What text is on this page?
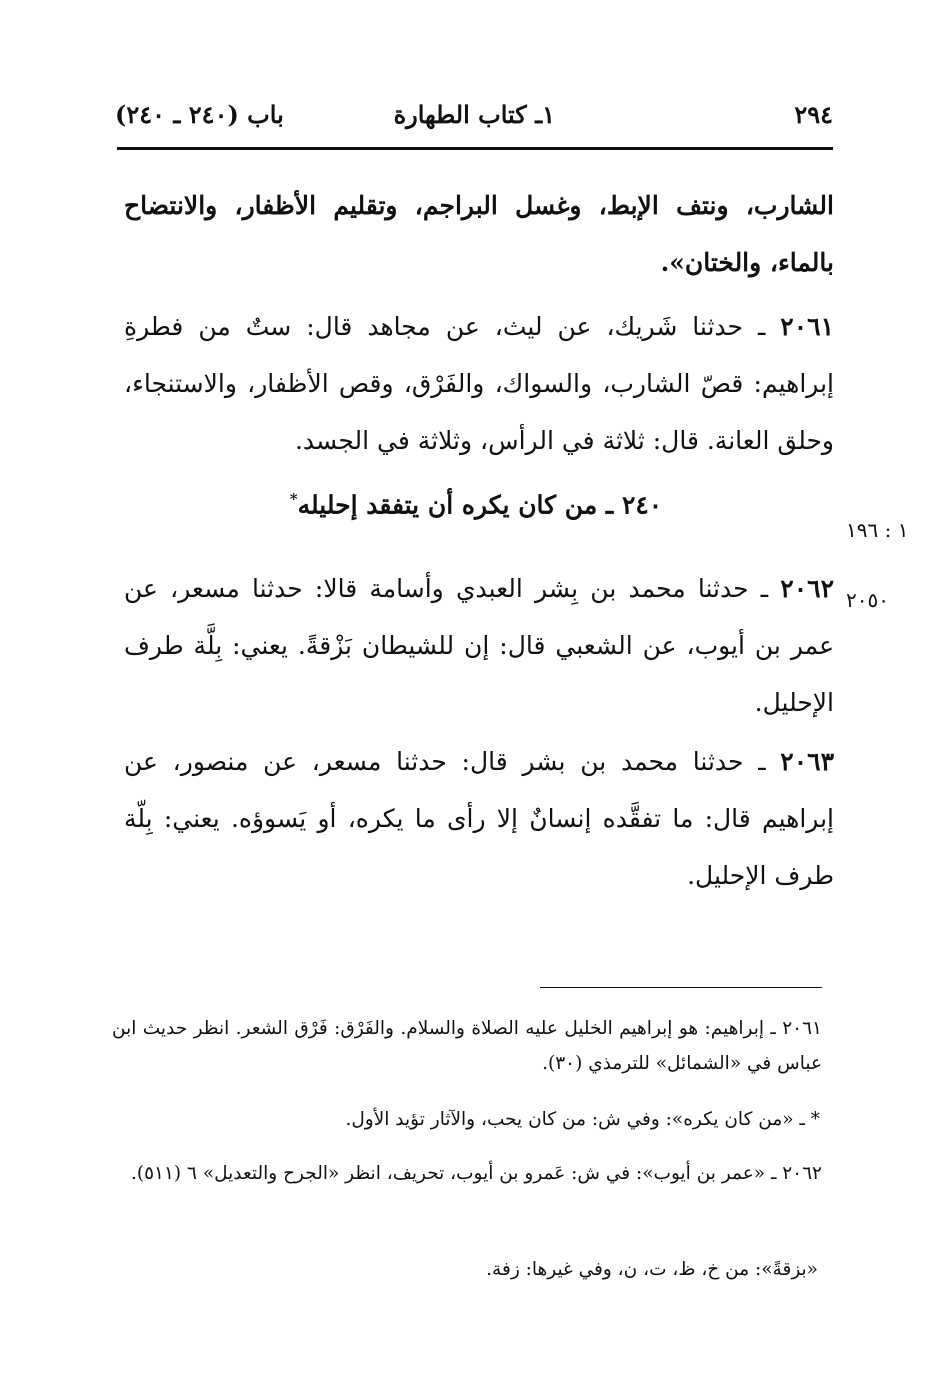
٢٩٤
١ـ كتاب الطهارة
باب (٢٤٠ ـ ٢٤٠)
الشارب، ونتف الإبط، وغسل البراجم، وتقليم الأظفار، والانتضاح بالماء، والختان».
٢٠٦١ ـ حدثنا شَريك، عن ليث، عن مجاهد قال: ستٌ من فطرةِ إبراهيم: قصّ الشارب، والسواك، والفَرْق، وقص الأظفار، والاستنجاء، وحلق العانة. قال: ثلاثة في الرأس، وثلاثة في الجسد.
٢٤٠ ـ من كان يكره أن يتفقد إحليله*
١ : ١٩٦
٢٠٥٠
٢٠٦٢ ـ حدثنا محمد بن بِشر العبدي وأسامة قالا: حدثنا مسعر، عن عمر بن أيوب، عن الشعبي قال: إن للشيطان بَزْقةً. يعني: بِلَّة طرف الإحليل.
٢٠٦٣ ـ حدثنا محمد بن بشر قال: حدثنا مسعر، عن منصور، عن إبراهيم قال: ما تفقَّده إنسانٌ إلا رأى ما يكره، أو يَسوؤه. يعني: بِلّة طرف الإحليل.
٢٠٦١ ـ إبراهيم: هو إبراهيم الخليل عليه الصلاة والسلام. والفَرْق: فَرْق الشعر. انظر حديث ابن عباس في «الشمائل» للترمذي (٣٠).
* ـ «من كان يكره»: وفي ش: من كان يحب، والآثار تؤيد الأول.
٢٠٦٢ ـ «عمر بن أيوب»: في ش: عَمرو بن أيوب، تحريف، انظر «الجرح والتعديل» ٦ (٥١١).
«بزقةً»: من خ، ظ، ت، ن، وفي غيرها: زفة.
